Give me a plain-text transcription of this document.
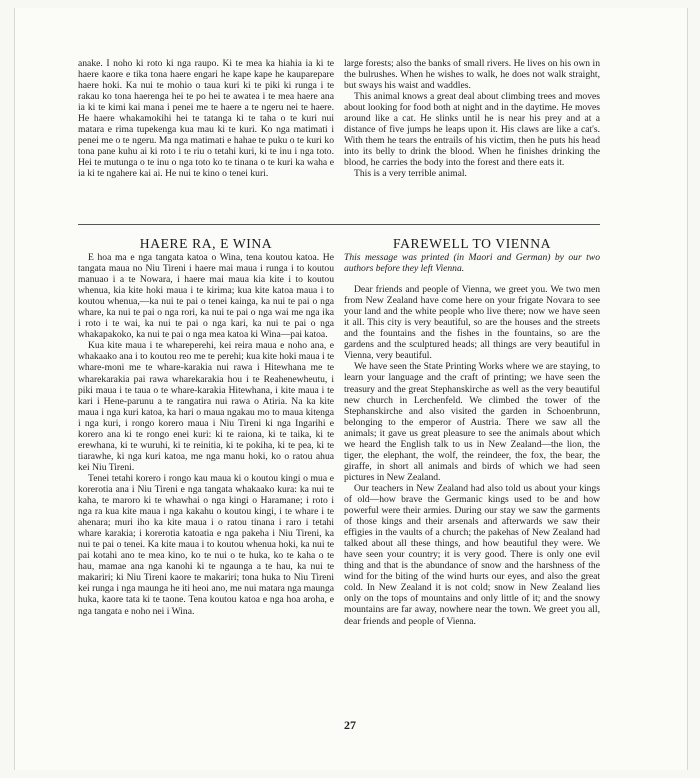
anake. I noho ki roto ki nga raupo. Ki te mea ka hiahia ia ki te haere kaore e tika tona haere engari he kape kape he kauparepare haere hoki. Ka nui te mohio o taua kuri ki te piki ki runga i te rakau ko tona haerenga hei te po hei te awatea i te mea haere ana ia ki te kimi kai mana i penei me te haere a te ngeru nei te haere. He haere whakamokihi hei te tatanga ki te taha o te kuri nui matara e rima tupekenga kua mau ki te kuri. Ko nga matimati i penei me o te ngeru. Ma nga matimati e hahae te puku o te kuri ko tona pane kuhu ai ki roto i te riu o tetahi kuri, ki te inu i nga toto. Hei te mutunga o te inu o nga toto ko te tinana o te kuri ka waha e ia ki te ngahere kai ai. He nui te kino o tenei kuri.

large forests; also the banks of small rivers. He lives on his own in the bulrushes. When he wishes to walk, he does not walk straight, but sways his waist and waddles.

This animal knows a great deal about climbing trees and moves about looking for food both at night and in the daytime. He moves around like a cat. He slinks until he is near his prey and at a distance of five jumps he leaps upon it. His claws are like a cat's. With them he tears the entrails of his victim, then he puts his head into its belly to drink the blood. When he finishes drinking the blood, he carries the body into the forest and there eats it.

This is a very terrible animal.

HAERE RA, E WINA	FAREWELL TO VIENNA

E hoa ma e nga tangata katoa o Wina, tena koutou katoa. He tangata maua no Niu Tireni i haere mai maua i runga i to koutou manuao i a te Nowara, i haere mai maua kia kite i to koutou whenua, kia kite hoki maua i te kirima; kua kite katoa maua i to koutou whenua,—ka nui te pai o tenei kainga, ka nui te pai o nga whare, ka nui te pai o nga rori, ka nui te pai o nga wai me nga ika i roto i te wai, ka nui te pai o nga kari, ka nui te pai o nga whakapakoko, ka nui te pai o nga mea katoa ki Wina—pai katoa.

Kua kite maua i te whareperehi, kei reira maua e noho ana, e whakaako ana i to koutou reo me te perehi; kua kite hoki maua i te whare-moni me te whare-karakia nui rawa i Hitewhana me te wharekarakia pai rawa wharekarakia hou i te Reahenewheutu, i piki maua i te taua o te whare-karakia Hitewhana, i kite maua i te kari i Hene-parunu a te rangatira nui rawa o Atiria. Na ka kite maua i nga kuri katoa, ka hari o maua ngakau mo to maua kitenga i nga kuri, i rongo korero maua i Niu Tireni ki nga Ingarihi e korero ana ki te rongo enei kuri: ki te raiona, ki te taika, ki te erewhana, ki te wuruhi, ki te reinitia, ki te pokiha, ki te pea, ki te tiarawhe, ki nga kuri katoa, me nga manu hoki, ko o ratou ahua kei Niu Tireni.

Tenei tetahi korero i rongo kau maua ki o koutou kingi o mua e korerotia ana i Niu Tireni e nga tangata whakaako kura: ka nui te kaha, te maroro ki te whawhai o nga kingi o Haramane; i roto i nga ra kua kite maua i nga kakahu o koutou kingi, i te whare i te ahenara; muri iho ka kite maua i o ratou tinana i raro i tetahi whare karakia; i korerotia katoatia e nga pakeha i Niu Tireni, ka nui te pai o tenei. Ka kite maua i to koutou whenua hoki, ka nui te pai kotahi ano te mea kino, ko te nui o te huka, ko te kaha o te hau, mamae ana nga kanohi ki te ngaunga a te hau, ka nui te makariri; ki Niu Tireni kaore te makariri; tona huka to Niu Tireni kei runga i nga maunga he iti heoi ano, me nui matara nga maunga huka, kaore tata ki te taone. Tena koutou katoa e nga hoa aroha, e nga tangata e noho nei i Wina.

This message was printed (in Maori and German) by our two authors before they left Vienna.

Dear friends and people of Vienna, we greet you. We two men from New Zealand have come here on your frigate Novara to see your land and the white people who live there; now we have seen it all. This city is very beautiful, so are the houses and the streets and the fountains and the fishes in the fountains, so are the gardens and the sculptured heads; all things are very beautiful in Vienna, very beautiful.

We have seen the State Printing Works where we are staying, to learn your language and the craft of printing; we have seen the treasury and the great Stephanskirche as well as the very beautiful new church in Lerchenfeld. We climbed the tower of the Stephanskirche and also visited the garden in Schoenbrunn, belonging to the emperor of Austria. There we saw all the animals; it gave us great pleasure to see the animals about which we heard the English talk to us in New Zealand—the lion, the tiger, the elephant, the wolf, the reindeer, the fox, the bear, the giraffe, in short all animals and birds of which we had seen pictures in New Zealand.

Our teachers in New Zealand had also told us about your kings of old—how brave the Germanic kings used to be and how powerful were their armies. During our stay we saw the garments of those kings and their arsenals and afterwards we saw their effigies in the vaults of a church; the pakehas of New Zealand had talked about all these things, and how beautiful they were. We have seen your country; it is very good. There is only one evil thing and that is the abundance of snow and the harshness of the wind for the biting of the wind hurts our eyes, and also the great cold. In New Zealand it is not cold; snow in New Zealand lies only on the tops of mountains and only little of it; and the snowy mountains are far away, nowhere near the town. We greet you all, dear friends and people of Vienna.

27
